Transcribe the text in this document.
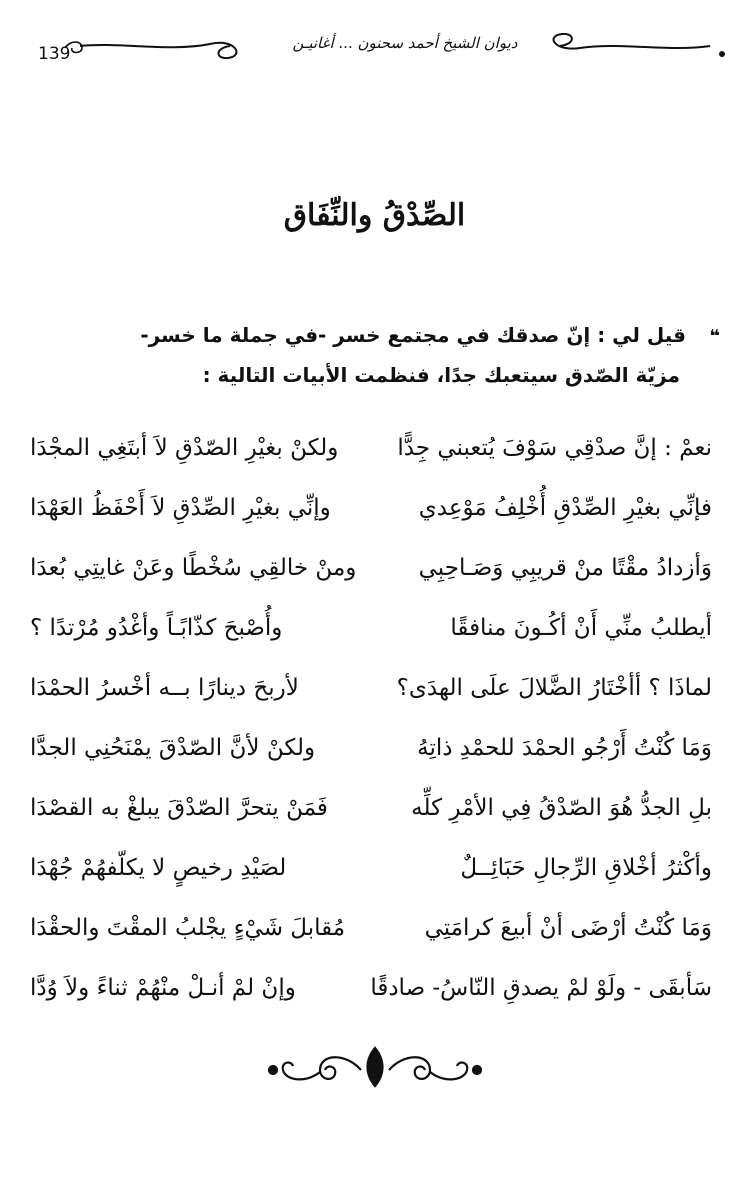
139
ديوان الشيخ أحمد سحنون ... أغانيـن
الصِّدْقُ والنِّفَاق
❝قيل لي : إنّ صدقك في مجتمع خسر -في جملة ما خسر-
مزيّة الصّدق سيتعبك جدًا، فنظمت الأبيات التالية :
نعمْ : إنَّ صدْقِي سَوْفَ يُتعبني جِدًّا
ولكنْ بغيْرِ الصّدْقِ لاَ أبتَغِي المجْدَا
فإنِّي بغيْرِ الصِّدْقِ أُخْلِفُ مَوْعِدي
وإنِّي بغيْرِ الصِّدْقِ لاَ أَحْفَظُ العَهْدَا
وَأزدادُ مقْتًا منْ قريبِي وَصَـاحِبِي
ومنْ خالقِي سُخْطًا وعَنْ غايتِي بُعدَا
أيطلبُ منِّي أَنْ أكُـونَ منافقًا
وأُصْبحَ كذّابًـاً وأغْدُو مُرْتدًا ؟
لماذَا ؟ أأخْتَارُ الضَّلالَ علَى الهدَى؟
لأربحَ دينارًا بــه أخْسرُ الحمْدَا
وَمَا كُنْتُ أَرْجُو الحمْدَ للحمْدِ ذاتِهُ
ولكنْ لأنَّ الصّدْقَ يمْنَحُنِي الجدَّا
بلِ الجدُّ هُوَ الصّدْقُ فِي الأمْرِ كلِّه
فَمَنْ يتحرَّ الصّدْقَ يبلغْ به القصْدَا
وأكْثرُ أخْلاقِ الرِّجالِ حَبَائِــلٌ
لصَيْدِ رخيصٍ لا يكلّفهُمْ جُهْدَا
وَمَا كُنْتُ أرْضَى أنْ أبيعَ كرامَتِي
مُقابلَ شَيْءٍ يجْلبُ المقْتَ والحقْدَا
سَأبقَى - ولَوْ لمْ يصدقِ النّاسُ- صادقًا
وإنْ لمْ أنـلْ منْهُمْ ثناءً ولاَ وُدَّا
